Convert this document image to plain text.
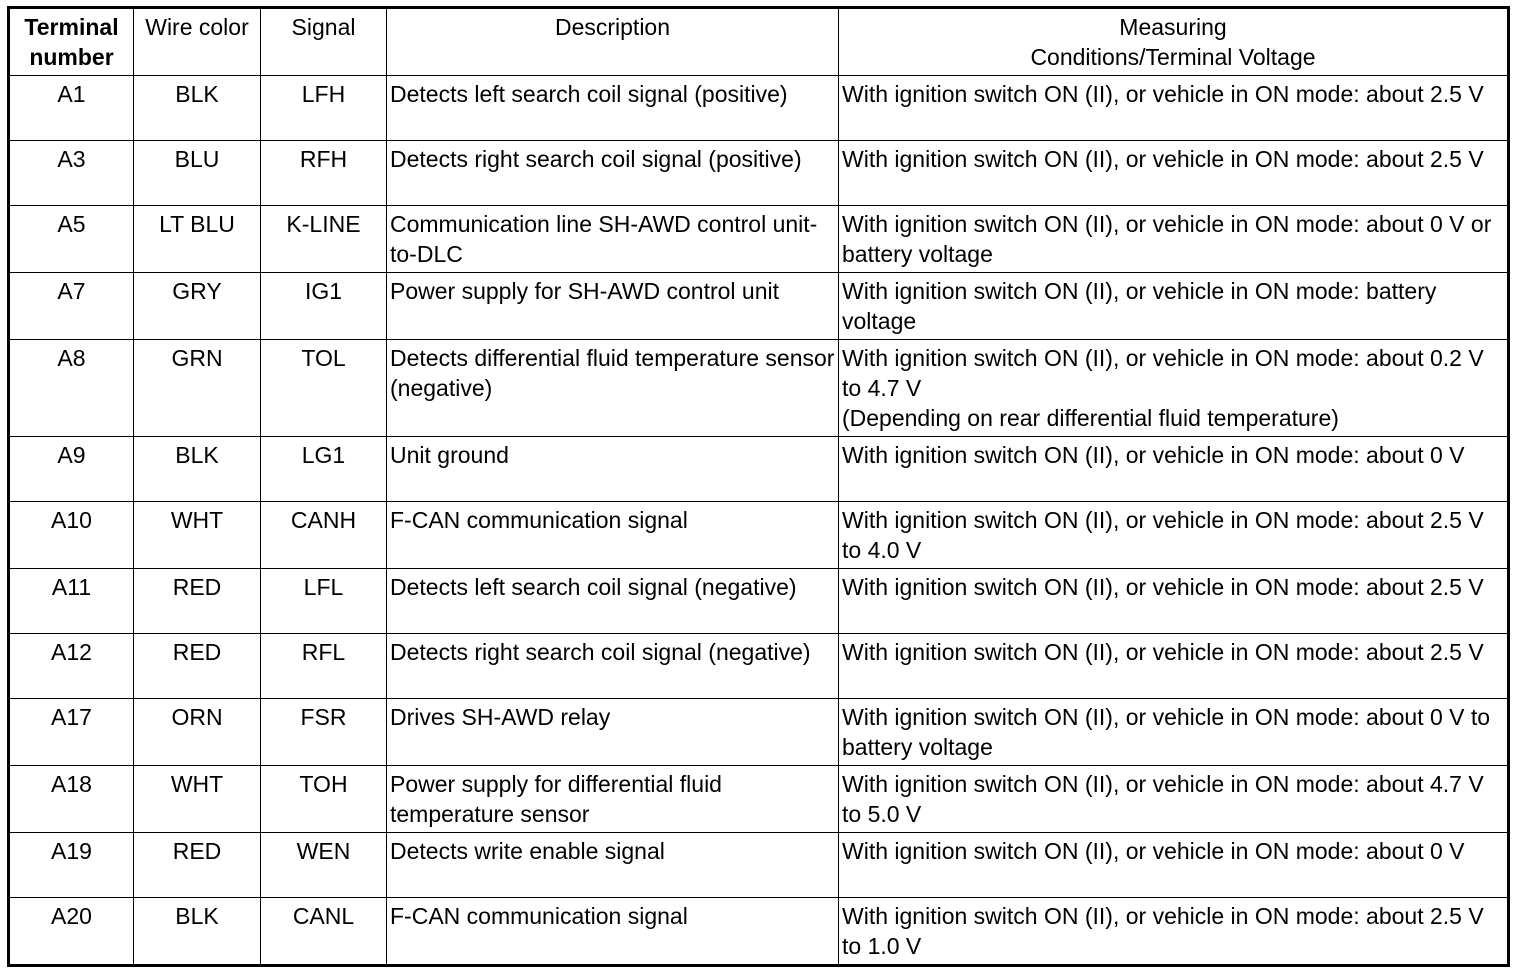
Terminal
number	Wire color	Signal	Description	Measuring
Conditions/Terminal Voltage
A1	BLK	LFH	Detects left search coil signal (positive)	With ignition switch ON (II), or vehicle in ON mode: about 2.5 V
A3	BLU	RFH	Detects right search coil signal (positive)	With ignition switch ON (II), or vehicle in ON mode: about 2.5 V
A5	LT BLU	K-LINE	Communication line SH-AWD control unit-to-DLC	With ignition switch ON (II), or vehicle in ON mode: about 0 V or battery voltage
A7	GRY	IG1	Power supply for SH-AWD control unit	With ignition switch ON (II), or vehicle in ON mode: battery voltage
A8	GRN	TOL	Detects differential fluid temperature sensor (negative)	With ignition switch ON (II), or vehicle in ON mode: about 0.2 V to 4.7 V
(Depending on rear differential fluid temperature)

A9	BLK	LG1	Unit ground	With ignition switch ON (II), or vehicle in ON mode: about 0 V
A10	WHT	CANH	F-CAN communication signal	With ignition switch ON (II), or vehicle in ON mode: about 2.5 V to 4.0 V
A11	RED	LFL	Detects left search coil signal (negative)	With ignition switch ON (II), or vehicle in ON mode: about 2.5 V
A12	RED	RFL	Detects right search coil signal (negative)	With ignition switch ON (II), or vehicle in ON mode: about 2.5 V
A17	ORN	FSR	Drives SH-AWD relay	With ignition switch ON (II), or vehicle in ON mode: about 0 V to battery voltage
A18	WHT	TOH	Power supply for differential fluid temperature sensor	With ignition switch ON (II), or vehicle in ON mode: about 4.7 V to 5.0 V
A19	RED	WEN	Detects write enable signal	With ignition switch ON (II), or vehicle in ON mode: about 0 V
A20	BLK	CANL	F-CAN communication signal	With ignition switch ON (II), or vehicle in ON mode: about 2.5 V to 1.0 V
